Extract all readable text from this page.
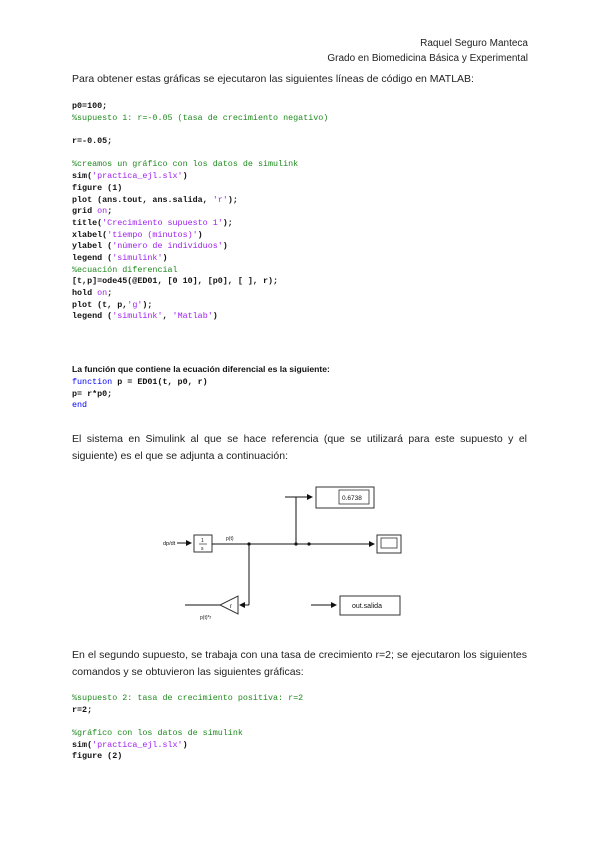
Raquel Seguro Manteca
Grado en Biomedicina Básica y Experimental
Para obtener estas gráficas se ejecutaron las siguientes líneas de código en MATLAB:
p0=100;
%supuesto 1: r=-0.05 (tasa de crecimiento negativo)
r=-0.05;
%creamos un gráfico con los datos de simulink
sim('practica_ejl.slx')
figure (1)
plot (ans.tout, ans.salida, 'r');
grid on;
title('Crecimiento supuesto 1');
xlabel('tiempo (minutos)')
ylabel ('número de individuos')
legend ('simulink')
%ecuación diferencial
[t,p]=ode45(@ED01, [0 10], [p0], [ ], r);
hold on;
plot (t, p,'g');
legend ('simulink', 'Matlab')
La función que contiene la ecuación diferencial es la siguiente:
function p = ED01(t, p0, r)
p= r*p0;
end
El sistema en Simulink al que se hace referencia (que se utilizará para este supuesto y el siguiente) es el que se adjunta a continuación:
0.6738
dp/dt	1
s
p(t)
r
p(t)*r
out.salida
En el segundo supuesto, se trabaja con una tasa de crecimiento r=2; se ejecutaron los siguientes comandos y se obtuvieron las siguientes gráficas:
%supuesto 2: tasa de crecimiento positiva: r=2
r=2;
%gráfico con los datos de simulink
sim('practica_ejl.slx')
figure (2)
